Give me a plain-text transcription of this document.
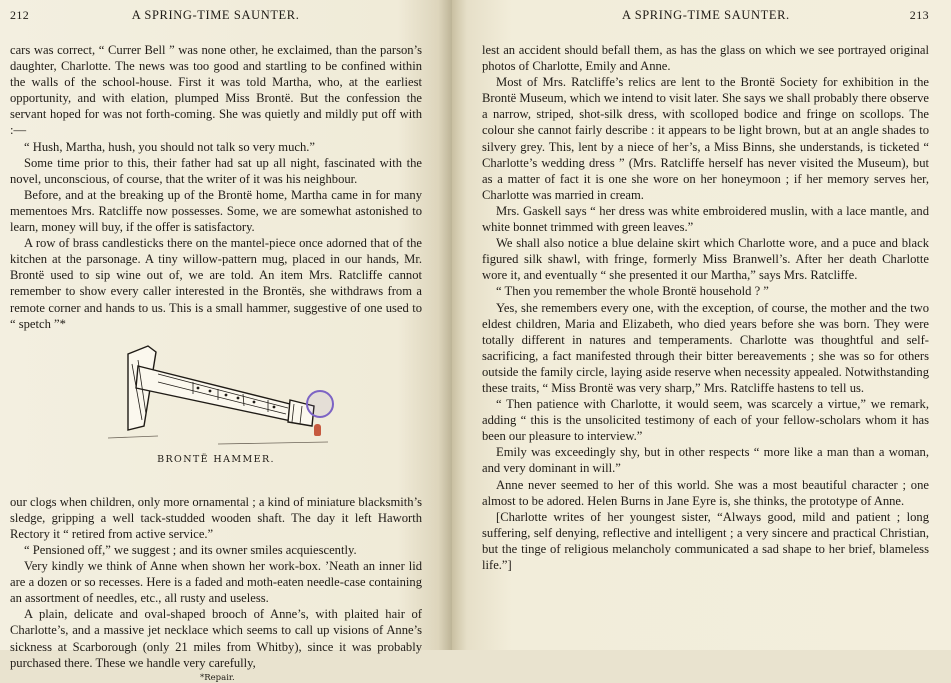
212	A SPRING-TIME SAUNTER.

cars was correct, “ Currer Bell ” was none other, he exclaimed, than the parson’s daughter, Charlotte. The news was too good and startling to be confined within the walls of the school-house. First it was told Martha, who, at the earliest opportunity, and with elation, plumped Miss Brontë. But the confession the servant hoped for was not forth-coming. She was quietly and mildly put off with :—

“ Hush, Martha, hush, you should not talk so very much.”

Some time prior to this, their father had sat up all night, fascinated with the novel, unconscious, of course, that the writer of it was his neighbour.

Before, and at the breaking up of the Brontë home, Martha came in for many mementoes Mrs. Ratcliffe now possesses. Some, we are somewhat astonished to learn, money will buy, if the offer is satisfactory.

A row of brass candlesticks there on the mantel-piece once adorned that of the kitchen at the parsonage. A tiny willow-pattern mug, placed in our hands, Mr. Brontë used to sip wine out of, we are told. An item Mrs. Ratcliffe cannot remember to show every caller interested in the Brontës, she withdraws from a remote corner and hands to us. This is a small hammer, suggestive of one used to “ spetch ”*

BRONTË HAMMER.

our clogs when children, only more ornamental ; a kind of miniature blacksmith’s sledge, gripping a well tack-studded wooden shaft. The day it left Haworth Rectory it “ retired from active service.”

“ Pensioned off,” we suggest ; and its owner smiles acquiescently.

Very kindly we think of Anne when shown her work-box. ’Neath an inner lid are a dozen or so recesses. Here is a faded and moth-eaten needle-case containing an assortment of needles, etc., all rusty and useless.

A plain, delicate and oval-shaped brooch of Anne’s, with plaited hair of Charlotte’s, and a massive jet necklace which seems to call up visions of Anne’s sickness at Scarborough (only 21 miles from Whitby), since it was probably purchased there. These we handle very carefully,

*Repair.
A SPRING-TIME SAUNTER.	213

lest an accident should befall them, as has the glass on which we see portrayed original photos of Charlotte, Emily and Anne.

Most of Mrs. Ratcliffe’s relics are lent to the Brontë Society for exhibition in the Brontë Museum, which we intend to visit later. She says we shall probably there observe a narrow, striped, shot-silk dress, with scolloped bodice and fringe on scollops. The colour she cannot fairly describe : it appears to be light brown, but at an angle shades to silvery grey. This, lent by a niece of her’s, a Miss Binns, she understands, is ticketed “ Charlotte’s wedding dress ” (Mrs. Ratcliffe herself has never visited the Museum), but as a matter of fact it is one she wore on her honeymoon ; if her memory serves her, Charlotte was married in cream.

Mrs. Gaskell says “ her dress was white embroidered muslin, with a lace mantle, and white bonnet trimmed with green leaves.”

We shall also notice a blue delaine skirt which Charlotte wore, and a puce and black figured silk shawl, with fringe, formerly Miss Branwell’s. After her death Charlotte wore it, and eventually “ she presented it our Martha,” says Mrs. Ratcliffe.

“ Then you remember the whole Brontë household ? ”

Yes, she remembers every one, with the exception, of course, the mother and the two eldest children, Maria and Elizabeth, who died years before she was born. They were totally different in natures and temperaments. Charlotte was thoughtful and self-sacrificing, a fact manifested through their bitter bereavements ; she was so for others outside the family circle, laying aside reserve when necessity appealed. Notwithstanding these traits, “ Miss Brontë was very sharp,” Mrs. Ratcliffe hastens to tell us.

“ Then patience with Charlotte, it would seem, was scarcely a virtue,” we remark, adding “ this is the unsolicited testimony of each of your fellow-scholars whom it has been our pleasure to interview.”

Emily was exceedingly shy, but in other respects “ more like a man than a woman, and very dominant in will.”

Anne never seemed to her of this world. She was a most beautiful character ; one almost to be adored. Helen Burns in Jane Eyre is, she thinks, the prototype of Anne.

[Charlotte writes of her youngest sister, “Always good, mild and patient ; long suffering, self denying, reflective and intelligent ; a very sincere and practical Christian, but the tinge of religious melancholy communicated a sad shape to her brief, blameless life.”]
